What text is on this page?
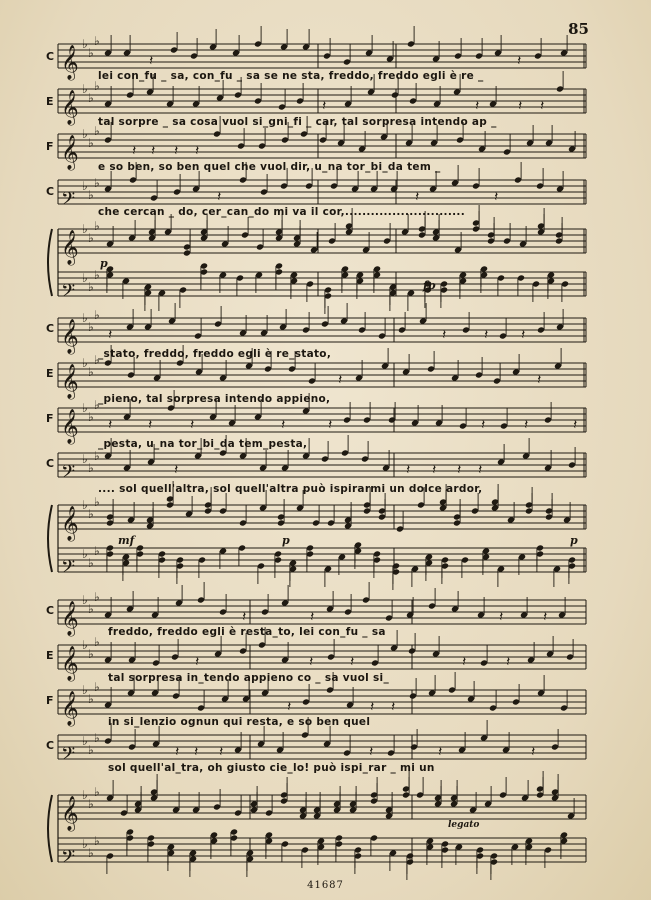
85
𝄞
♭
♭
♭
𝄽	𝄽
𝄞
♭
♭
♭
𝄽	𝄽	𝄽 𝄽
𝄞
♭
♭
♭
𝄽 𝄽 𝄽 𝄽
𝄢
♭
♭
♭
𝄽	𝄽	𝄽
𝄞
♭
♭
♭
𝄢
♭
♭
♭
𝄞
♭
♭
♭
𝄽	𝄽	𝄽 𝄽
𝄞
♭
♭
♭
𝄽	𝄽
𝄞
♭
♭
♭
𝄽	𝄽	𝄽	𝄽	𝄽	𝄽	𝄽	𝄽
𝄢
♭
♭
♭
𝄽	𝄽 𝄽 𝄽 𝄽
𝄞
♭
♭
♭
𝄢
♭
♭
♭
𝄞
♭
♭
♭
𝄽	𝄽	𝄽	𝄽
𝄞
♭
♭
♭
𝄽	𝄽	𝄽	𝄽	𝄽
𝄞
♭
♭
♭
𝄽	𝄽 𝄽
𝄢
♭
♭
♭
𝄽 𝄽 𝄽	𝄽	𝄽	𝄽
𝄞
♭
♭
♭
𝄢
♭
♭
♭
C
E
F
C
lei con_fu _ sa, con_fu _ sa se ne sta, freddo, freddo egli è re _
tal sorpre _ sa cosa vuol si_gni_fi _ car, tal sorpresa intendo ap _
e so ben, so ben quel che vuol dir, u_na tor_bi_da tem _
che cercan _ do, cer_can_do mi va il cor,............................
p
fp
C
E
F
C
_stato, freddo, freddo egli è re_stato,
_pieno, tal sorpresa intendo appieno,
_pesta, u_na tor_bi_da tem_pesta,
.... sol quell'altra, sol quell'altra può ispirarmi un dolce ardor,
mf	p	p
C
E
F
C
freddo, freddo egli è resta_to, lei con_fu _ sa
tal sorpresa in_tendo appieno co _ sa vuol si_
in si_lenzio ognun qui resta, e so ben quel
sol quell'al_tra, oh giusto cie_lo! può ispi_rar _ mi un
legato
41687
